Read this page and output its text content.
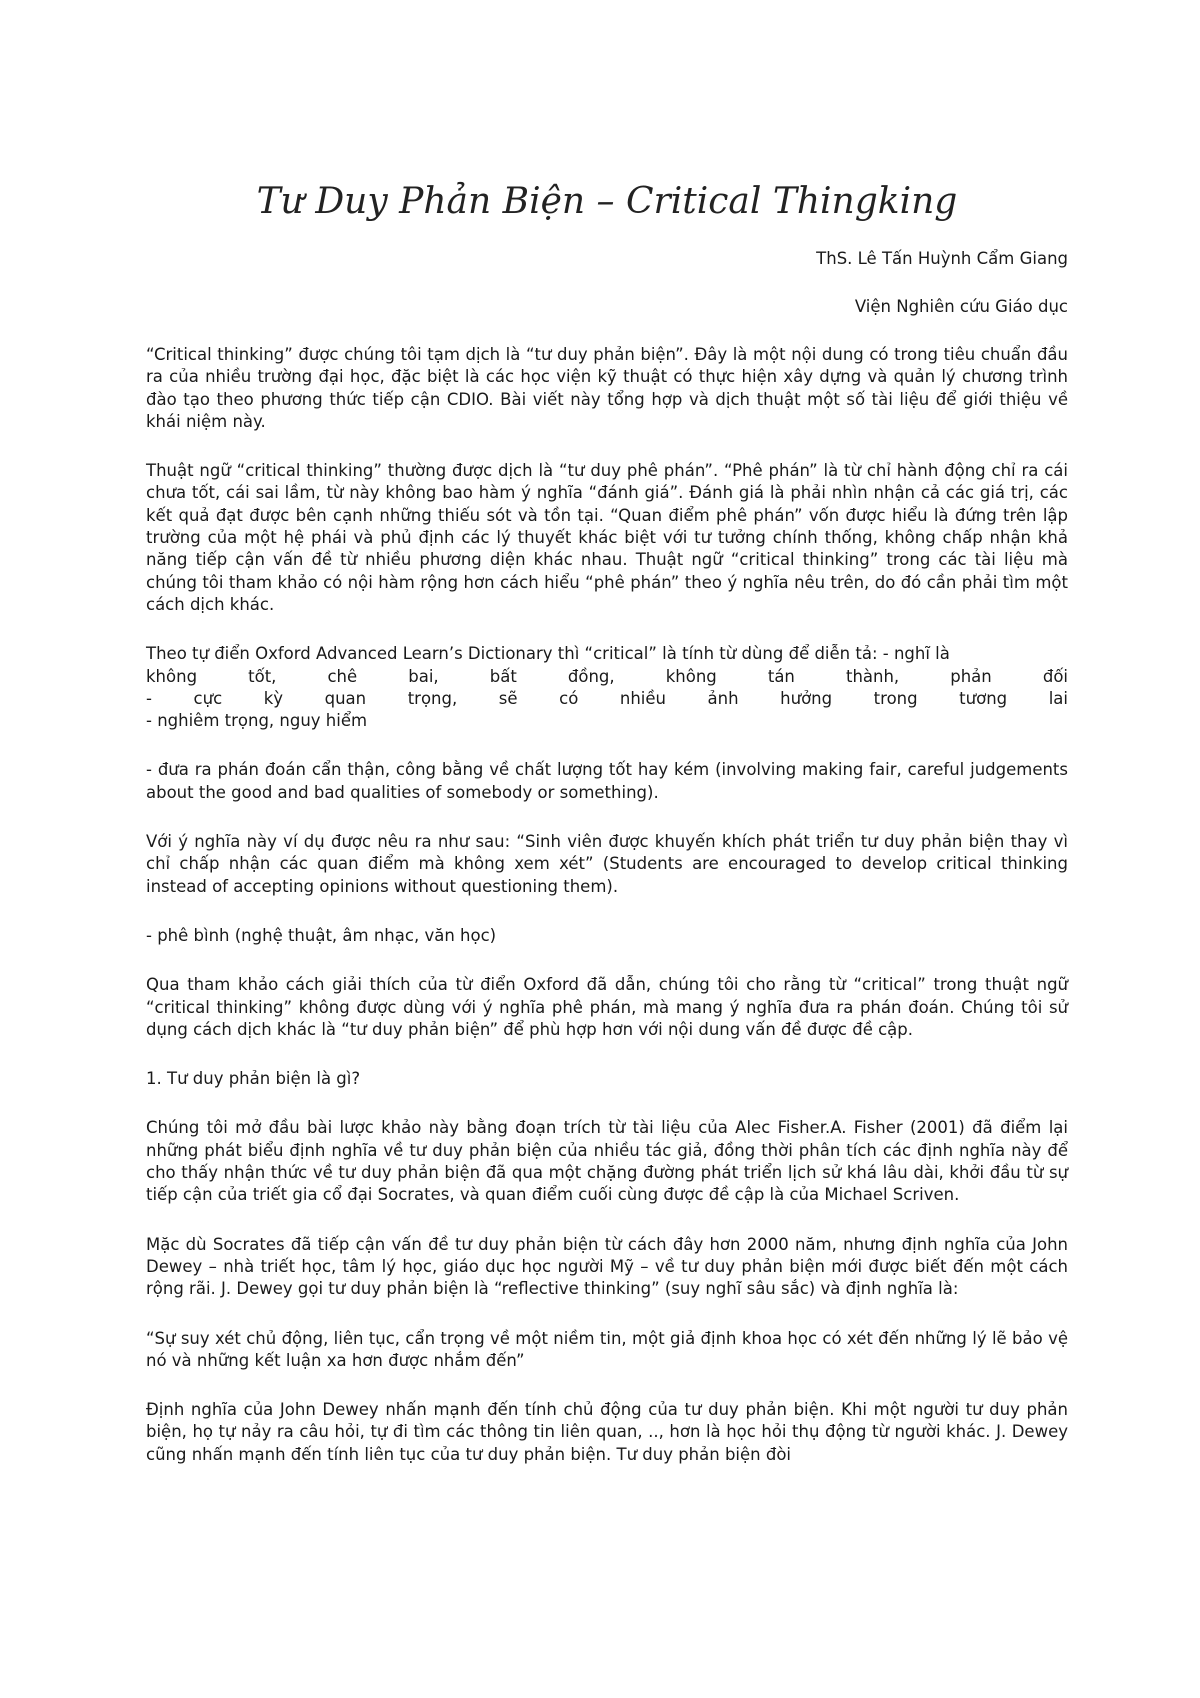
Tư Duy Phản Biện – Critical Thingking

ThS. Lê Tấn Huỳnh Cẩm Giang

Viện Nghiên cứu Giáo dục

“Critical thinking” được chúng tôi tạm dịch là “tư duy phản biện”. Đây là một nội dung có trong tiêu chuẩn đầu ra của nhiều trường đại học, đặc biệt là các học viện kỹ thuật có thực hiện xây dựng và quản lý chương trình đào tạo theo phương thức tiếp cận CDIO. Bài viết này tổng hợp và dịch thuật một số tài liệu để giới thiệu về khái niệm này.

Thuật ngữ “critical thinking” thường được dịch là “tư duy phê phán”. “Phê phán” là từ chỉ hành động chỉ ra cái chưa tốt, cái sai lầm, từ này không bao hàm ý nghĩa “đánh giá”. Đánh giá là phải nhìn nhận cả các giá trị, các kết quả đạt được bên cạnh những thiếu sót và tồn tại. “Quan điểm phê phán” vốn được hiểu là đứng trên lập trường của một hệ phái và phủ định các lý thuyết khác biệt với tư tưởng chính thống, không chấp nhận khả năng tiếp cận vấn đề từ nhiều phương diện khác nhau. Thuật ngữ “critical thinking” trong các tài liệu mà chúng tôi tham khảo có nội hàm rộng hơn cách hiểu “phê phán” theo ý nghĩa nêu trên, do đó cần phải tìm một cách dịch khác.

Theo tự điển Oxford Advanced Learn’s Dictionary thì “critical” là tính từ dùng để diễn tả: - nghĩ là
không tốt, chê bai, bất đồng, không tán thành, phản đối
- cực kỳ quan trọng, sẽ có nhiều ảnh hưởng trong tương lai
- nghiêm trọng, nguy hiểm

- đưa ra phán đoán cẩn thận, công bằng về chất lượng tốt hay kém (involving making fair, careful judgements about the good and bad qualities of somebody or something).

Với ý nghĩa này ví dụ được nêu ra như sau: “Sinh viên được khuyến khích phát triển tư duy phản biện thay vì chỉ chấp nhận các quan điểm mà không xem xét” (Students are encouraged to develop critical thinking instead of accepting opinions without questioning them).

- phê bình (nghệ thuật, âm nhạc, văn học)

Qua tham khảo cách giải thích của từ điển Oxford đã dẫn, chúng tôi cho rằng từ “critical” trong thuật ngữ “critical thinking” không được dùng với ý nghĩa phê phán, mà mang ý nghĩa đưa ra phán đoán. Chúng tôi sử dụng cách dịch khác là “tư duy phản biện” để phù hợp hơn với nội dung vấn đề được đề cập.

1. Tư duy phản biện là gì?

Chúng tôi mở đầu bài lược khảo này bằng đoạn trích từ tài liệu của Alec Fisher.A. Fisher (2001) đã điểm lại những phát biểu định nghĩa về tư duy phản biện của nhiều tác giả, đồng thời phân tích các định nghĩa này để cho thấy nhận thức về tư duy phản biện đã qua một chặng đường phát triển lịch sử khá lâu dài, khởi đầu từ sự tiếp cận của triết gia cổ đại Socrates, và quan điểm cuối cùng được đề cập là của Michael Scriven.

Mặc dù Socrates đã tiếp cận vấn đề tư duy phản biện từ cách đây hơn 2000 năm, nhưng định nghĩa của John Dewey – nhà triết học, tâm lý học, giáo dục học người Mỹ – về tư duy phản biện mới được biết đến một cách rộng rãi. J. Dewey gọi tư duy phản biện là “reflective thinking” (suy nghĩ sâu sắc) và định nghĩa là:

“Sự suy xét chủ động, liên tục, cẩn trọng về một niềm tin, một giả định khoa học có xét đến những lý lẽ bảo vệ nó và những kết luận xa hơn được nhắm đến”

Định nghĩa của John Dewey nhấn mạnh đến tính chủ động của tư duy phản biện. Khi một người tư duy phản biện, họ tự nảy ra câu hỏi, tự đi tìm các thông tin liên quan, .., hơn là học hỏi thụ động từ người khác. J. Dewey cũng nhấn mạnh đến tính liên tục của tư duy phản biện. Tư duy phản biện đòi
